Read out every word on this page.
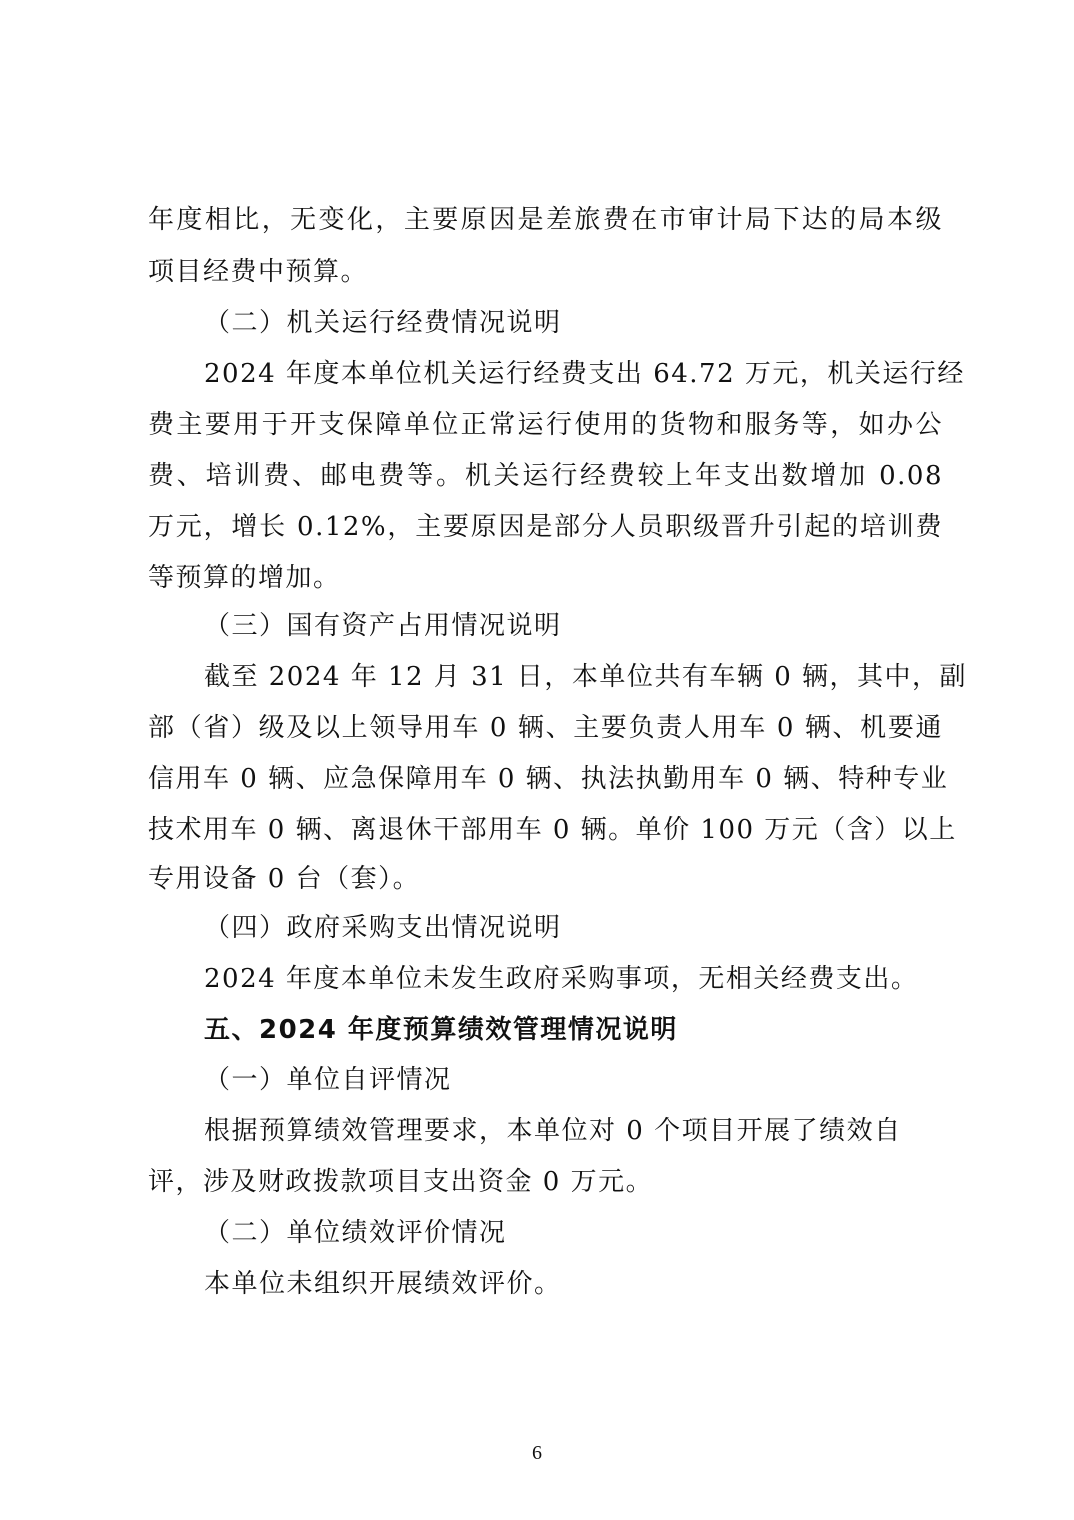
年度相比，无变化，主要原因是差旅费在市审计局下达的局本级
项目经费中预算。
（二）机关运行经费情况说明
2024 年度本单位机关运行经费支出 64.72 万元，机关运行经
费主要用于开支保障单位正常运行使用的货物和服务等，如办公
费、培训费、邮电费等。机关运行经费较上年支出数增加 0.08
万元，增长 0.12%，主要原因是部分人员职级晋升引起的培训费
等预算的增加。
（三）国有资产占用情况说明
截至 2024 年 12 月 31 日，本单位共有车辆 0 辆，其中，副
部（省）级及以上领导用车 0 辆、主要负责人用车 0 辆、机要通
信用车 0 辆、应急保障用车 0 辆、执法执勤用车 0 辆、特种专业
技术用车 0 辆、离退休干部用车 0 辆。单价 100 万元（含）以上
专用设备 0 台（套）。
（四）政府采购支出情况说明
2024 年度本单位未发生政府采购事项，无相关经费支出。
五、2024 年度预算绩效管理情况说明
（一）单位自评情况
根据预算绩效管理要求，本单位对 0 个项目开展了绩效自
评，涉及财政拨款项目支出资金 0 万元。
（二）单位绩效评价情况
本单位未组织开展绩效评价。
6
